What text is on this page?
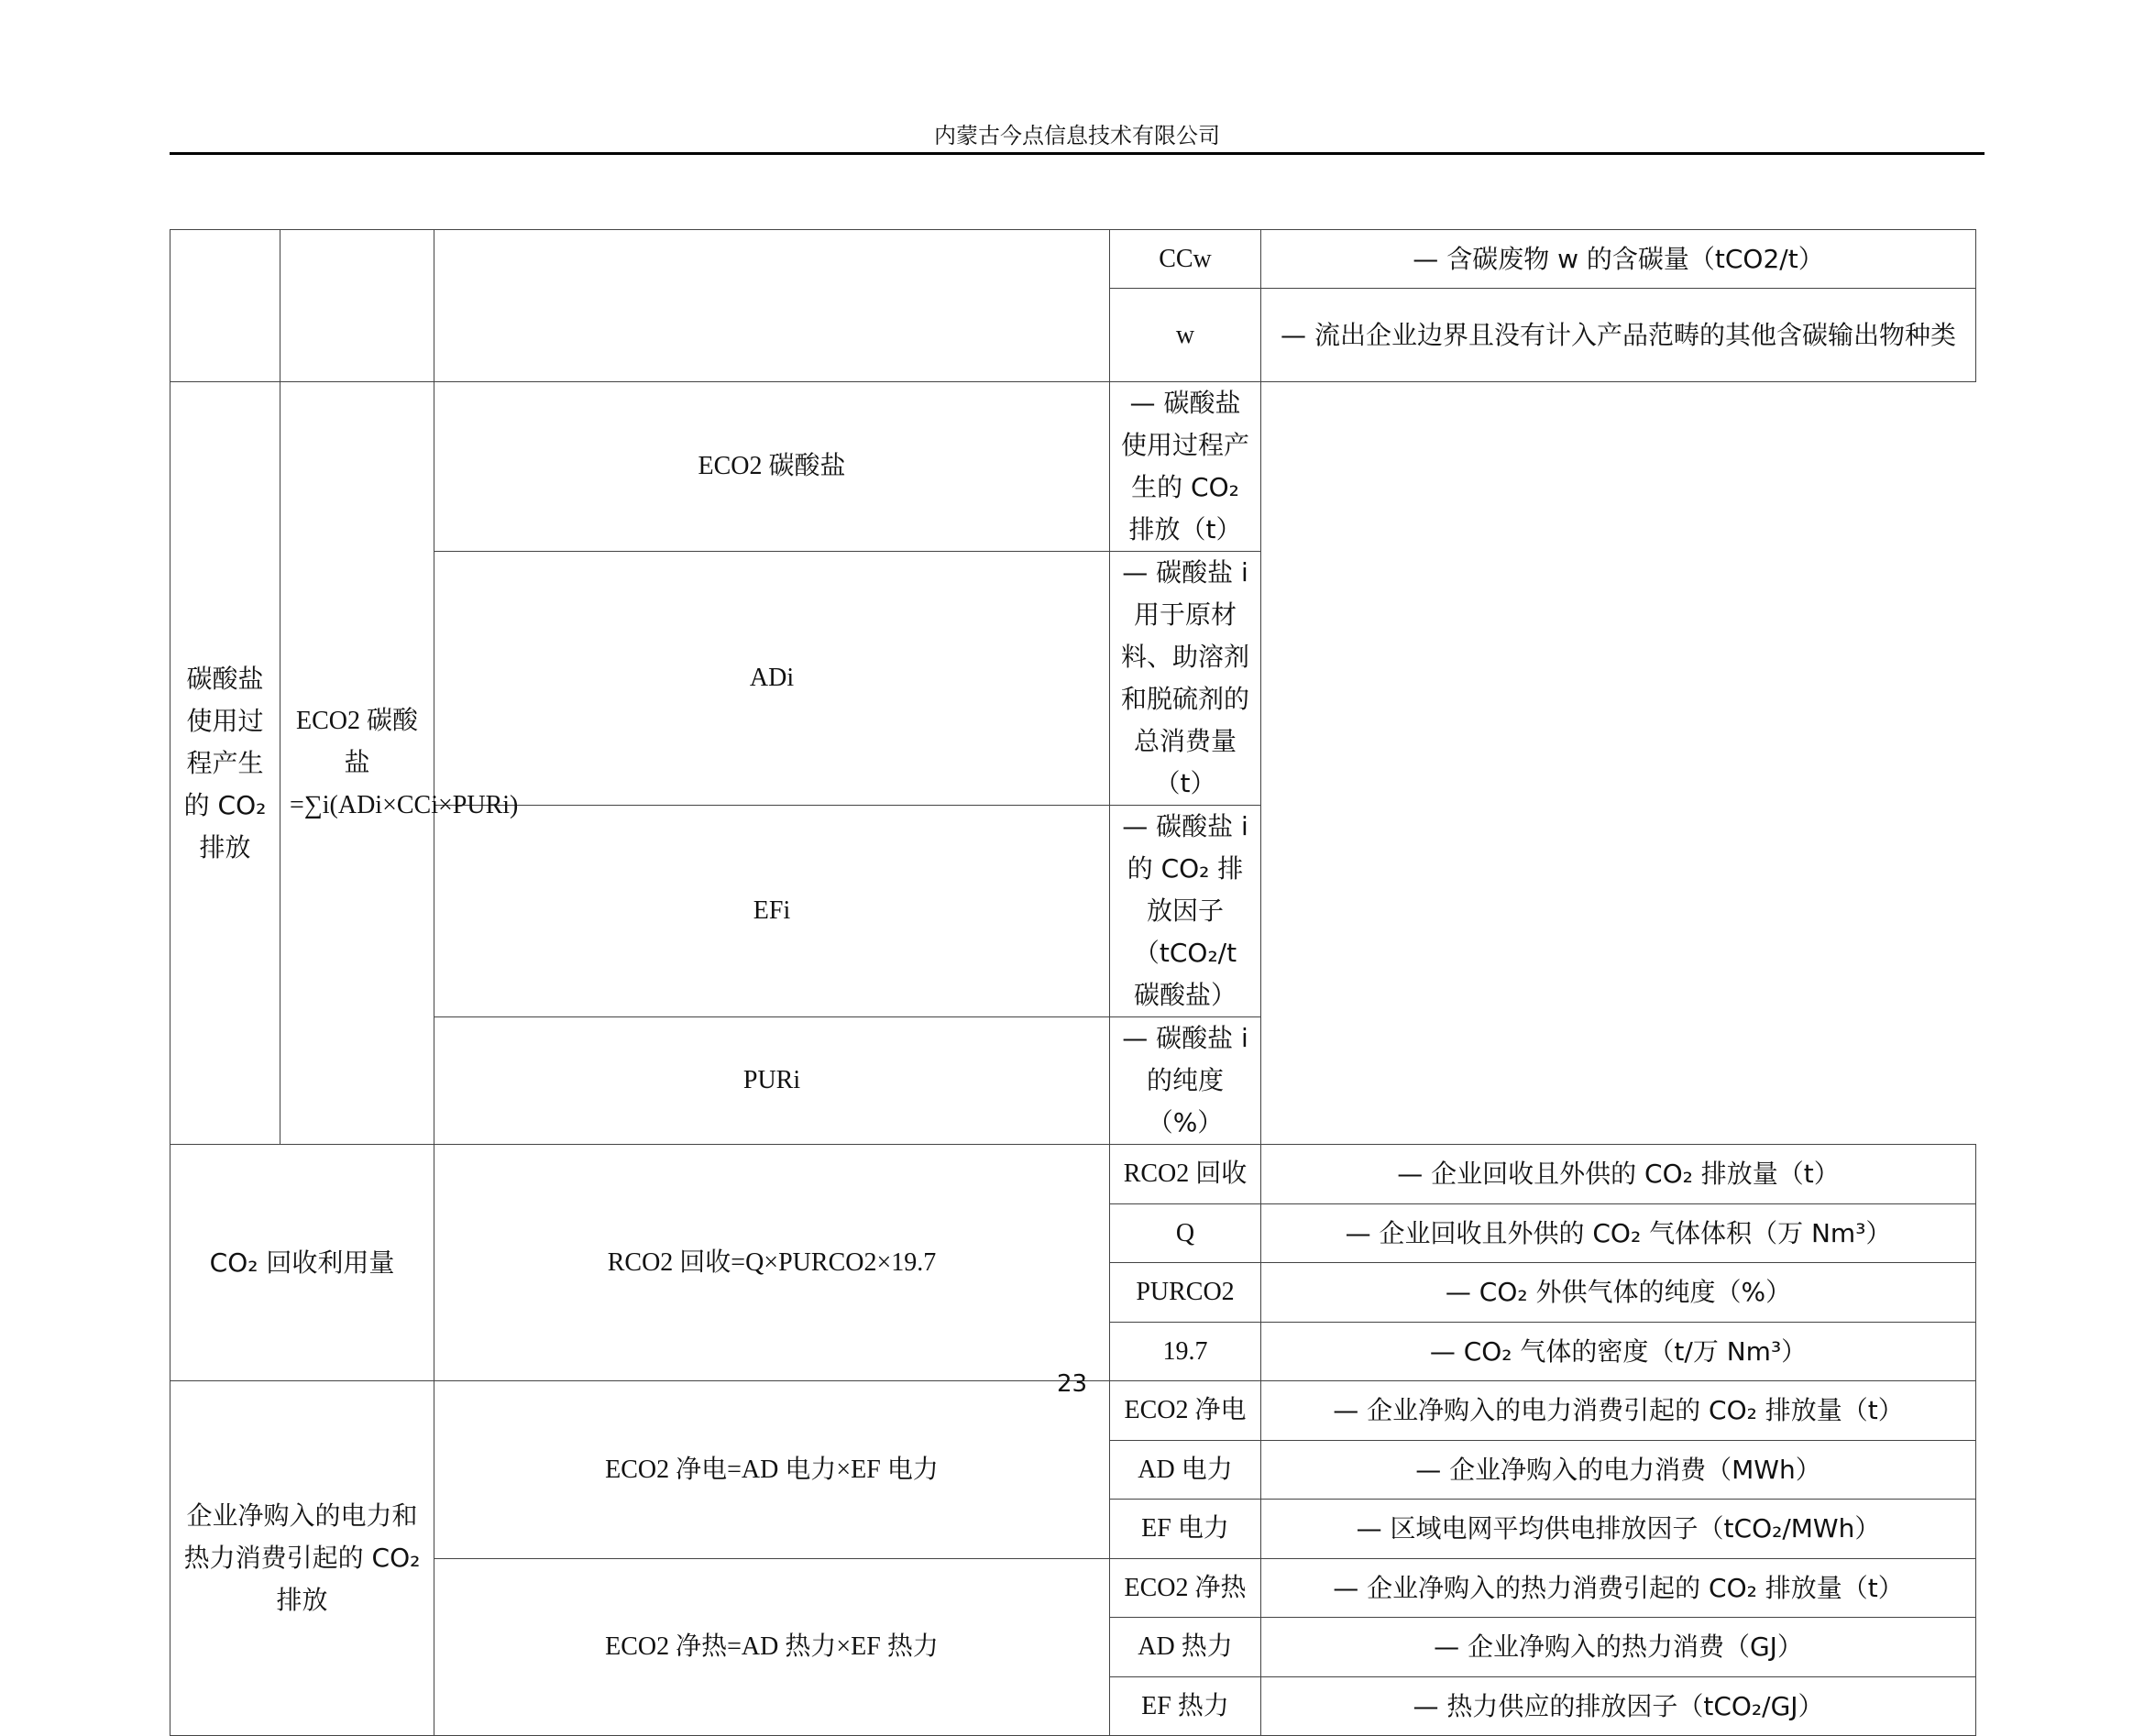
内蒙古今点信息技术有限公司
			CCw	— 含碳废物 w 的含碳量（tCO2/t）
			w	— 流出企业边界且没有计入产品范畴的其他含碳输出物种类
碳酸盐使用过程产生的 CO₂ 排放	ECO2 碳酸盐=∑i(ADi×CCi×PURi)	ECO2 碳酸盐	— 碳酸盐使用过程产生的 CO₂ 排放（t）	
		ADi	— 碳酸盐 i 用于原材料、助溶剂和脱硫剂的总消费量（t）	
		EFi	— 碳酸盐 i 的 CO₂ 排放因子（tCO₂/t 碳酸盐）	
		PURi	— 碳酸盐 i 的纯度（%）	
CO₂ 回收利用量		RCO2 回收=Q×PURCO2×19.7	RCO2 回收	— 企业回收且外供的 CO₂ 排放量（t）
			Q	— 企业回收且外供的 CO₂ 气体体积（万 Nm³）
			PURCO2	— CO₂ 外供气体的纯度（%）
			19.7	— CO₂ 气体的密度（t/万 Nm³）
企业净购入的电力和热力消费引起的 CO₂ 排放		ECO2 净电=AD 电力×EF 电力	ECO2 净电	— 企业净购入的电力消费引起的 CO₂ 排放量（t）
			AD 电力	— 企业净购入的电力消费（MWh）
			EF 电力	— 区域电网平均供电排放因子（tCO₂/MWh）
		ECO2 净热=AD 热力×EF 热力	ECO2 净热	— 企业净购入的热力消费引起的 CO₂ 排放量（t）
			AD 热力	— 企业净购入的热力消费（GJ）
			EF 热力	— 热力供应的排放因子（tCO₂/GJ）
23
